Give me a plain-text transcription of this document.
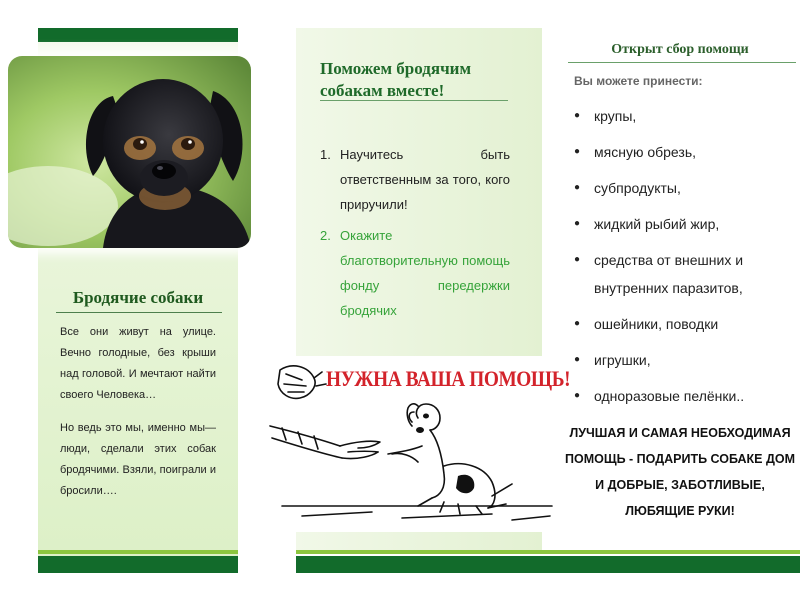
Бродячие собаки
Все они живут на улице. Вечно голодные, без крыши над головой. И мечтают найти своего Человека…
Но ведь это мы, именно мы—люди, сделали этих собак бродячими. Взяли, поиграли и бросили….
Поможем бродячим собакам вместе!
1. Научитесь быть ответственным за того, кого приручили!
2. Окажите благотворительную помощь фонду передержки бродячих
НУЖНА ВАША ПОМОЩЬ!
Открыт сбор помощи
Вы можете принести:
● крупы,
● мясную обрезь,
● субпродукты,
● жидкий рыбий жир,
● средства от внешних и внутренних паразитов,
● ошейники, поводки
● игрушки,
● одноразовые пелёнки..
ЛУЧШАЯ И САМАЯ НЕОБХОДИМАЯ ПОМОЩЬ - ПОДАРИТЬ СОБАКЕ ДОМ И ДОБРЫЕ, ЗАБОТЛИВЫЕ, ЛЮБЯЩИЕ РУКИ!
